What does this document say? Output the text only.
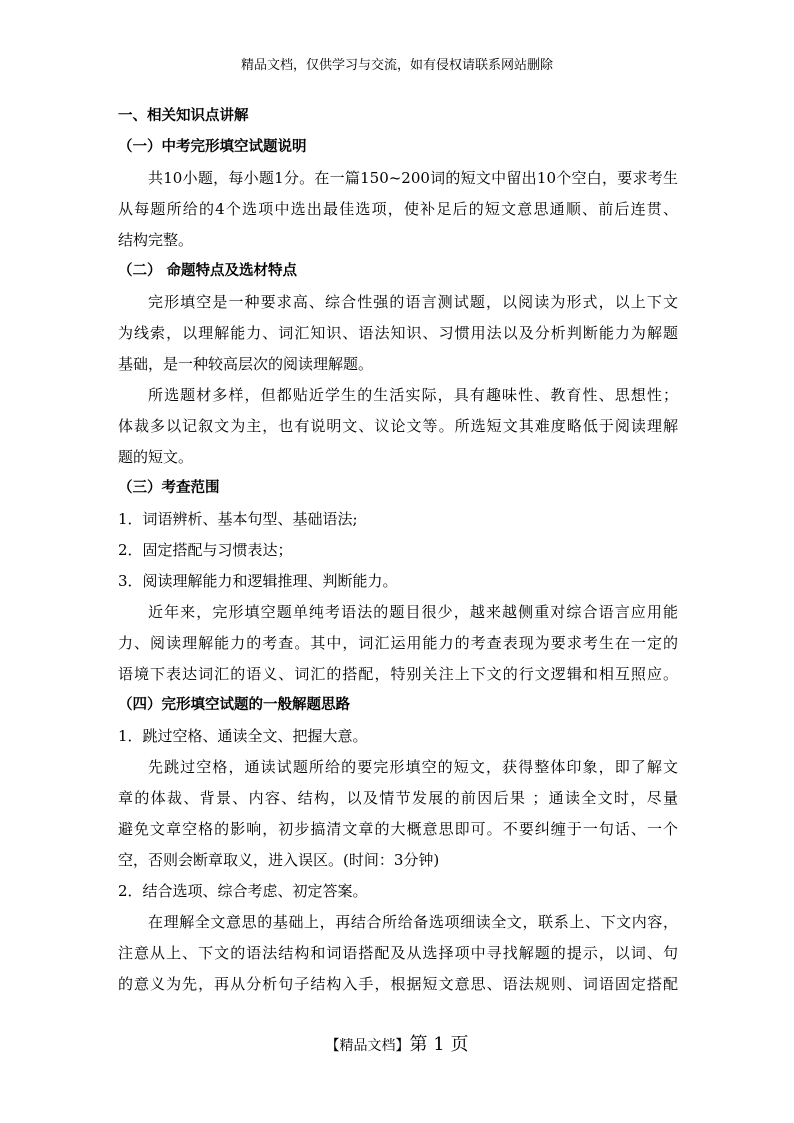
精品文档，仅供学习与交流，如有侵权请联系网站删除
一、相关知识点讲解
（一）中考完形填空试题说明
共10小题，每小题1分。在一篇150~200词的短文中留出10个空白，要求考生
从每题所给的4个选项中选出最佳选项，使补足后的短文意思通顺、前后连贯、
结构完整。
（二） 命题特点及选材特点
完形填空是一种要求高、综合性强的语言测试题，以阅读为形式，以上下文
为线索，以理解能力、词汇知识、语法知识、习惯用法以及分析判断能力为解题
基础，是一种较高层次的阅读理解题。
所选题材多样，但都贴近学生的生活实际，具有趣味性、教育性、思想性；
体裁多以记叙文为主，也有说明文、议论文等。所选短文其难度略低于阅读理解
题的短文。
（三）考查范围
1．词语辨析、基本句型、基础语法;
2．固定搭配与习惯表达；
3．阅读理解能力和逻辑推理、判断能力。
近年来，完形填空题单纯考语法的题目很少，越来越侧重对综合语言应用能
力、阅读理解能力的考查。其中，词汇运用能力的考查表现为要求考生在一定的
语境下表达词汇的语义、词汇的搭配，特别关注上下文的行文逻辑和相互照应。
（四）完形填空试题的一般解题思路
1．跳过空格、通读全文、把握大意。
先跳过空格，通读试题所给的要完形填空的短文，获得整体印象，即了解文
章的体裁、背景、内容、结构，以及情节发展的前因后果 ；通读全文时，尽量
避免文章空格的影响，初步搞清文章的大概意思即可。不要纠缠于一句话、一个
空，否则会断章取义，进入误区。(时间：3分钟)
2．结合选项、综合考虑、初定答案。
在理解全文意思的基础上，再结合所给备选项细读全文，联系上、下文内容，
注意从上、下文的语法结构和词语搭配及从选择项中寻找解题的提示，以词、句
的意义为先，再从分析句子结构入手，根据短文意思、语法规则、词语固定搭配
【精品文档】第 1 页
